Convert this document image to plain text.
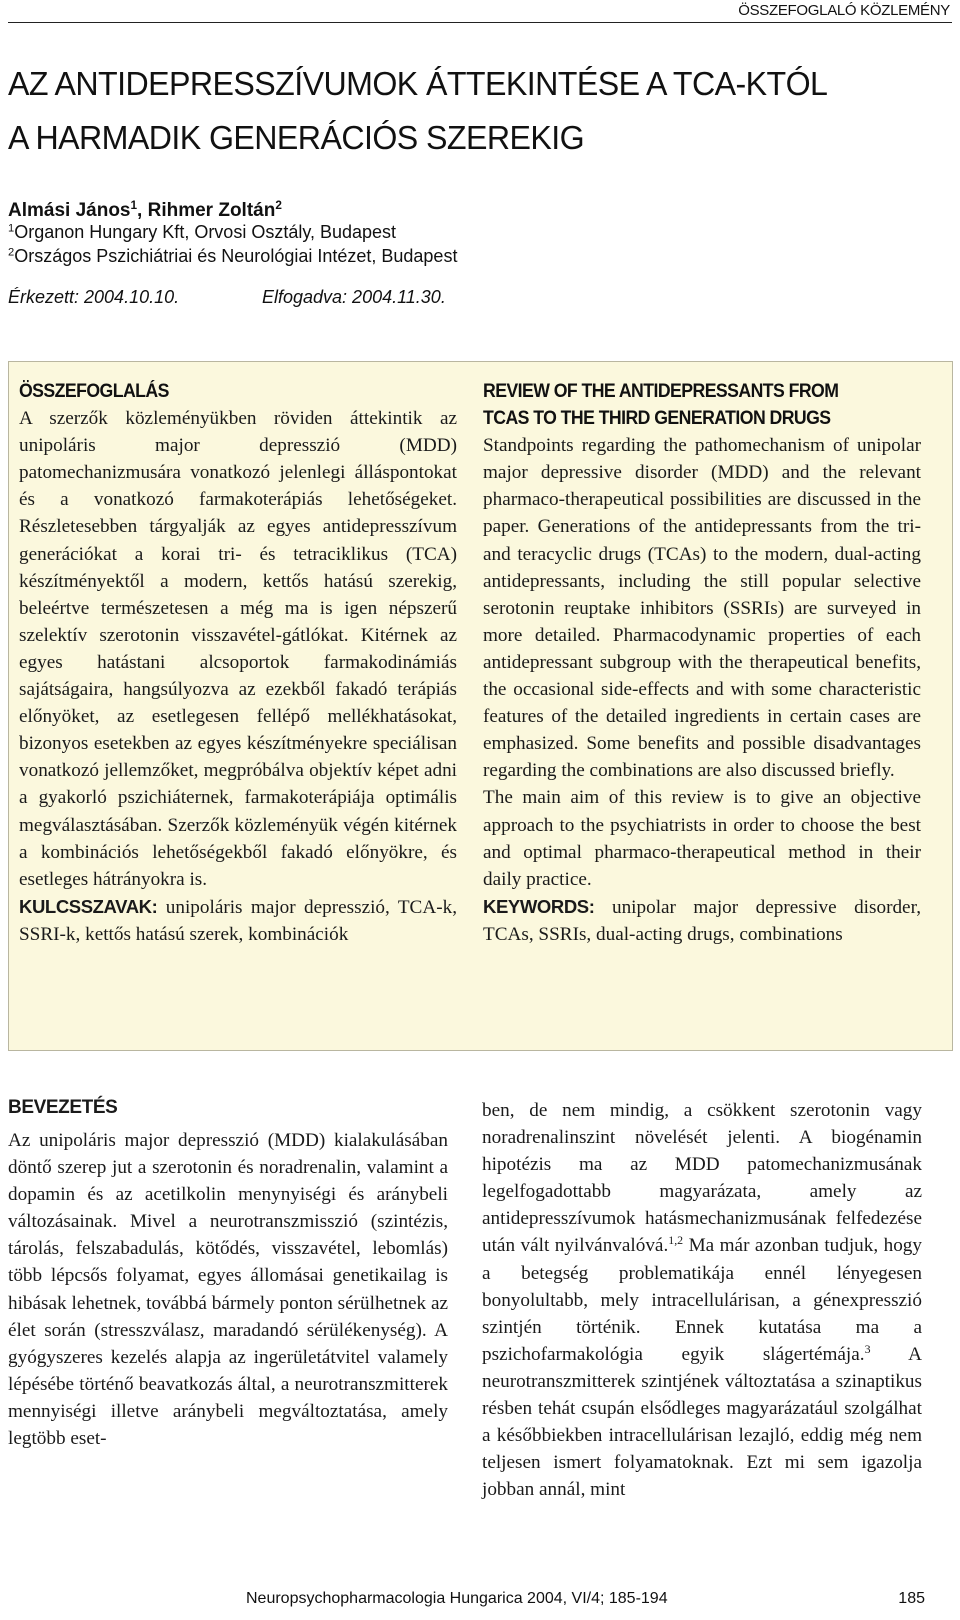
ÖSSZEFOGLALÓ KÖZLEMÉNY
AZ ANTIDEPRESSZÍVUMOK ÁTTEKINTÉSE A TCA-KTÓL
A HARMADIK GENERÁCIÓS SZEREKIG
Almási János$^1$, Rihmer Zoltán$^2$
$^1$Organon Hungary Kft, Orvosi Osztály, Budapest
$^2$Országos Pszichiátriai és Neurológiai Intézet, Budapest
Érkezett: 2004.10.10.	Elfogadva: 2004.11.30.
ÖSSZEFOGLALÁS

A szerzők közleményükben röviden áttekintik az unipoláris major depresszió (MDD) patomechanizmusára vonatkozó jelenlegi álláspontokat és a vonatkozó farmakoterápiás lehetőségeket. Részletesebben tárgyalják az egyes antidepresszívum generációkat a korai tri- és tetraciklikus (TCA) készítményektől a modern, kettős hatású szerekig, beleértve természetesen a még ma is igen népszerű szelektív szerotonin visszavétel-gátlókat. Kitérnek az egyes hatástani alcsoportok farmakodinámiás sajátságaira, hangsúlyozva az ezekből fakadó terápiás előnyöket, az esetlegesen fellépő mellékhatásokat, bizonyos esetekben az egyes készítményekre speciálisan vonatkozó jellemzőket, megpróbálva objektív képet adni a gyakorló pszichiáternek, farmakoterápiája optimális megválasztásában. Szerzők közleményük végén kitérnek a kombinációs lehetőségekből fakadó előnyökre, és esetleges hátrányokra is.

KULCSSZAVAK: unipoláris major depresszió, TCA-k, SSRI-k, kettős hatású szerek, kombinációk

REVIEW OF THE ANTIDEPRESSANTS FROM
TCAS TO THE THIRD GENERATION DRUGS

Standpoints regarding the pathomechanism of unipolar major depressive disorder (MDD) and the relevant pharmaco-therapeutical possibilities are discussed in the paper. Generations of the antidepressants from the tri- and teracyclic drugs (TCAs) to the modern, dual-acting antidepressants, including the still popular selective serotonin reuptake inhibitors (SSRIs) are surveyed in more detailed. Pharmacodynamic properties of each antidepressant subgroup with the therapeutical benefits, the occasional side-effects and with some characteristic features of the detailed ingredients in certain cases are emphasized. Some benefits and possible disadvantages regarding the combinations are also discussed briefly.

The main aim of this review is to give an objective approach to the psychiatrists in order to choose the best and optimal pharmaco-therapeutical method in their daily practice.

KEYWORDS: unipolar major depressive disorder, TCAs, SSRIs, dual-acting drugs, combinations

BEVEZETÉS

Az unipoláris major depresszió (MDD) kialakulásában döntő szerep jut a szerotonin és noradrenalin, valamint a dopamin és az acetilkolin menynyiségi és aránybeli változásainak. Mivel a neurotranszmisszió (szintézis, tárolás, felszabadulás, kötődés, visszavétel, lebomlás) több lépcsős folyamat, egyes állomásai genetikailag is hibásak lehetnek, továbbá bármely ponton sérülhetnek az élet során (stresszválasz, maradandó sérülékenység). A gyógyszeres kezelés alapja az ingerületátvitel valamely lépésébe történő beavatkozás által, a neurotranszmitterek mennyiségi illetve aránybeli megváltoztatása, amely legtöbb eset-

ben, de nem mindig, a csökkent szerotonin vagy noradrenalinszint növelését jelenti. A biogénamin hipotézis ma az MDD patomechanizmusának legelfogadottabb magyarázata, amely az antidepresszívumok hatásmechanizmusának felfedezése után vált nyilvánvalóvá.$^{1,2}$ Ma már azonban tudjuk, hogy a betegség problematikája ennél lényegesen bonyolultabb, mely intracellulárisan, a génexpresszió szintjén történik. Ennek kutatása ma a pszichofarmakológia egyik slágertémája.$^3$ A neurotranszmitterek szintjének változtatása a szinaptikus résben tehát csupán elsődleges magyarázatául szolgálhat a későbbiekben intracellulárisan lezajló, eddig még nem teljesen ismert folyamatoknak. Ezt mi sem igazolja jobban annál, mint

Neuropsychopharmacologia Hungarica 2004, VI/4; 185-194	185
